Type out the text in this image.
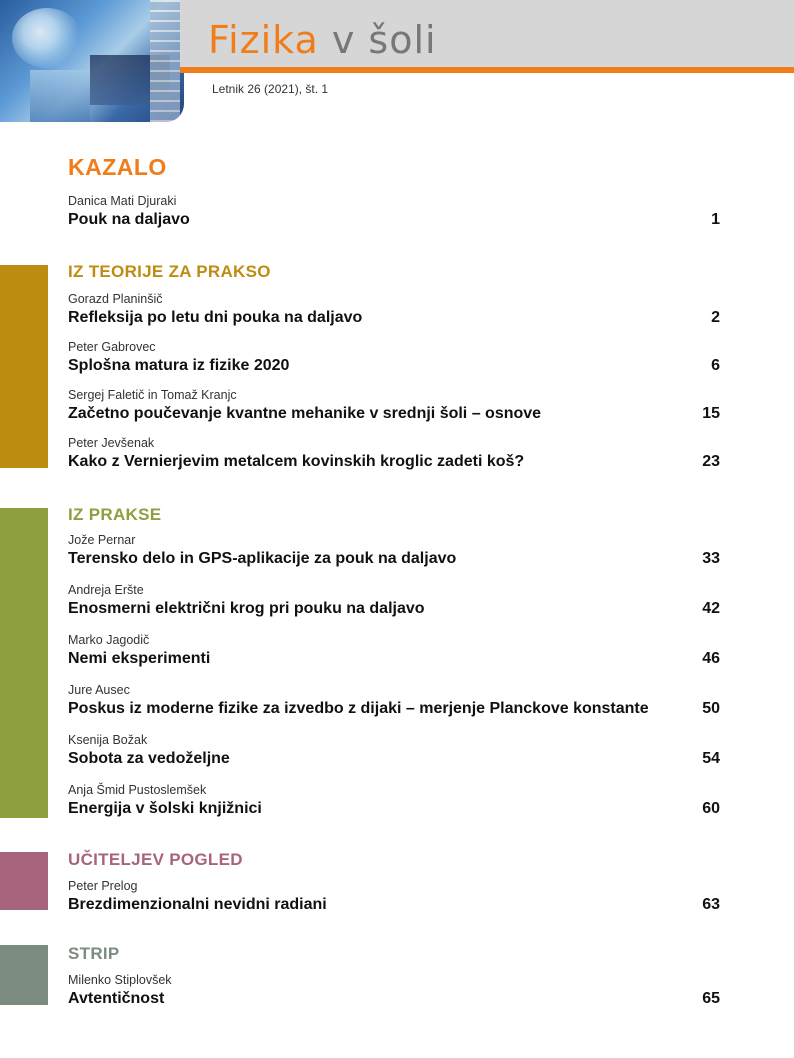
Fizika v šoli
Letnik 26 (2021), št. 1
KAZALO
Danica Mati Djuraki
Pouk na daljavo	1
IZ TEORIJE ZA PRAKSO
Gorazd Planinšič
Refleksija po letu dni pouka na daljavo	2
Peter Gabrovec
Splošna matura iz fizike 2020	6
Sergej Faletič in Tomaž Kranjc
Začetno poučevanje kvantne mehanike v srednji šoli – osnove	15
Peter Jevšenak
Kako z Vernierjevim metalcem kovinskih kroglic zadeti koš?	23
IZ PRAKSE
Jože Pernar
Terensko delo in GPS-aplikacije za pouk na daljavo	33
Andreja Eršte
Enosmerni električni krog pri pouku na daljavo	42
Marko Jagodič
Nemi eksperimenti	46
Jure Ausec
Poskus iz moderne fizike za izvedbo z dijaki – merjenje Planckove konstante	50
Ksenija Božak
Sobota za vedoželjne	54
Anja Šmid Pustoslemšek
Energija v šolski knjižnici	60
UČITELJEV POGLED
Peter Prelog
Brezdimenzionalni nevidni radiani	63
STRIP
Milenko Stiplovšek
Avtentičnost	65
